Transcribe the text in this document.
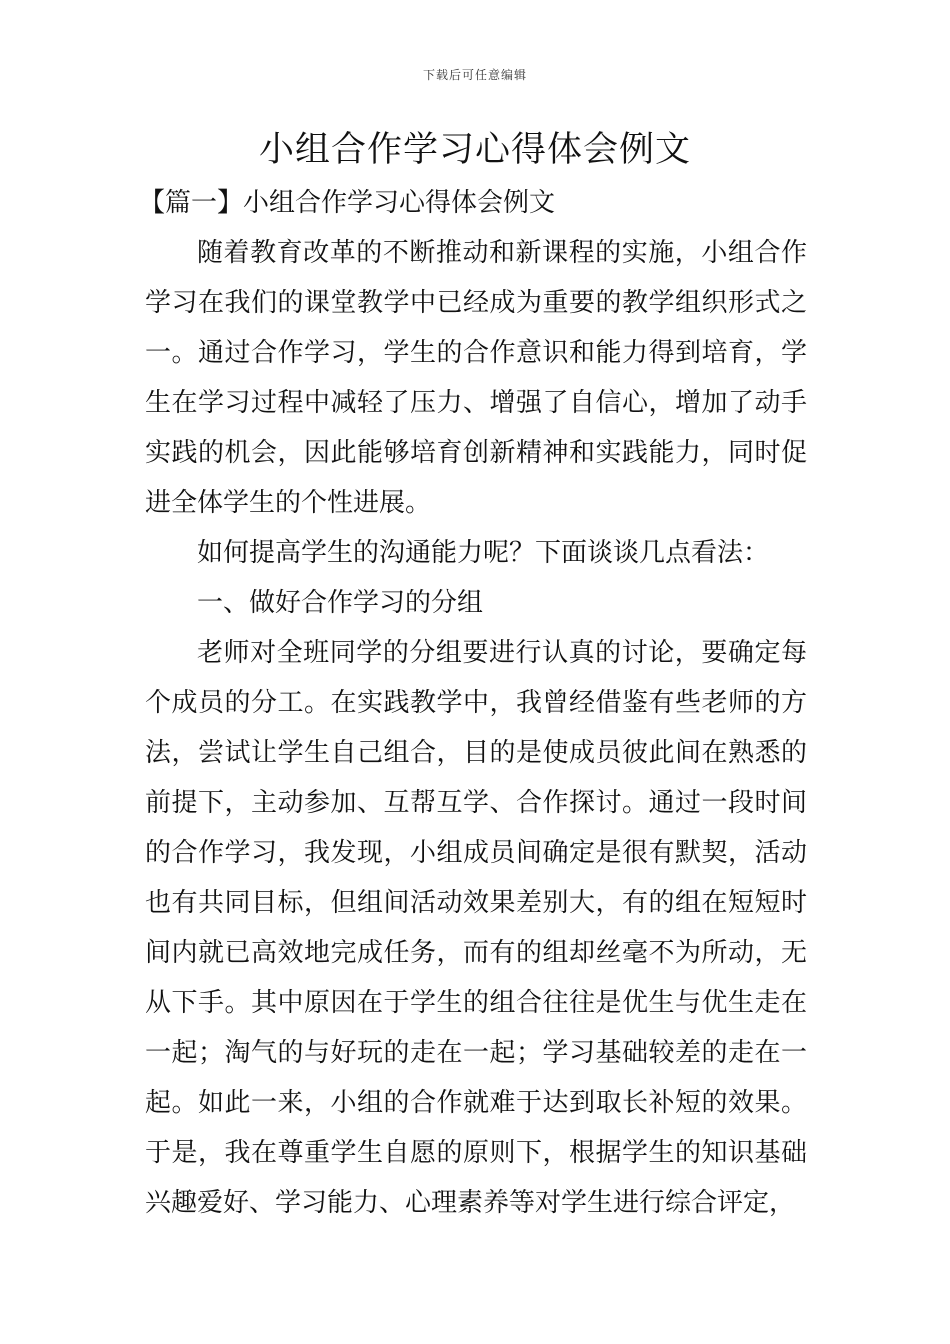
下载后可任意编辑
小组合作学习心得体会例文

【篇一】小组合作学习心得体会例文

随着教育改革的不断推动和新课程的实施，小组合作学习在我们的课堂教学中已经成为重要的教学组织形式之一。通过合作学习，学生的合作意识和能力得到培育，学生在学习过程中减轻了压力、增强了自信心，增加了动手实践的机会，因此能够培育创新精神和实践能力，同时促进全体学生的个性进展。

如何提高学生的沟通能力呢？下面谈谈几点看法：

一、做好合作学习的分组

老师对全班同学的分组要进行认真的讨论，要确定每个成员的分工。在实践教学中，我曾经借鉴有些老师的方法，尝试让学生自己组合，目的是使成员彼此间在熟悉的前提下，主动参加、互帮互学、合作探讨。通过一段时间的合作学习，我发现，小组成员间确定是很有默契，活动也有共同目标，但组间活动效果差别大，有的组在短短时间内就已高效地完成任务，而有的组却丝毫不为所动，无从下手。其中原因在于学生的组合往往是优生与优生走在一起；淘气的与好玩的走在一起；学习基础较差的走在一起。如此一来，小组的合作就难于达到取长补短的效果。于是，我在尊重学生自愿的原则下，根据学生的知识基础兴趣爱好、学习能力、心理素养等对学生进行综合评定，
